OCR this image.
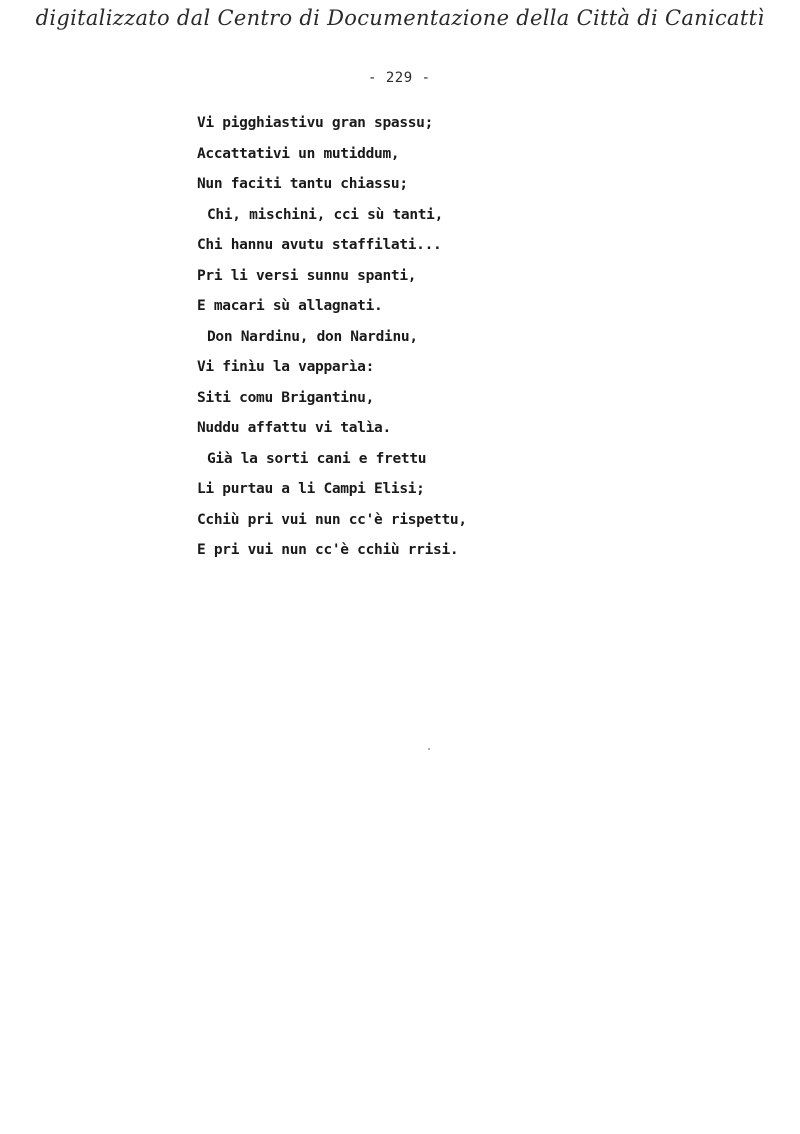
digitalizzato dal Centro di Documentazione della Città di Canicattì
- 229 -
Vi pigghiastivu gran spassu;
Accattativi un mutiddum,
Nun faciti tantu chiassu;
Chi, mischini, cci sù tanti,
Chi hannu avutu staffilati...
Pri li versi sunnu spanti,
E macari sù allagnati.
Don Nardinu, don Nardinu,
Vi finìu la vapparìa:
Siti comu Brigantinu,
Nuddu affattu vi talìa.
Già la sorti cani e frettu
Li purtau a li Campi Elisi;
Cchiù pri vui nun cc'è rispettu,
E pri vui nun cc'è cchiù rrisi.
